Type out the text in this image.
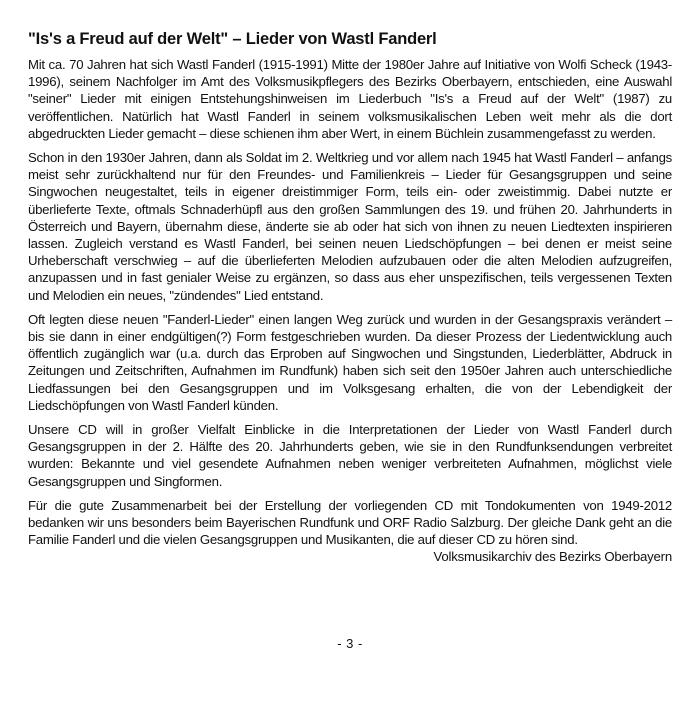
"Is's a Freud auf der Welt" – Lieder von Wastl Fanderl

Mit ca. 70 Jahren hat sich Wastl Fanderl (1915-1991) Mitte der 1980er Jahre auf Initiative von Wolfi Scheck (1943-1996), seinem Nachfolger im Amt des Volksmusikpflegers des Bezirks Oberbayern, entschieden, eine Auswahl "seiner" Lieder mit einigen Entstehungshinweisen im Liederbuch "Is's a Freud auf der Welt" (1987) zu veröffentlichen. Natürlich hat Wastl Fanderl in seinem volksmusikalischen Leben weit mehr als die dort abgedruckten Lieder gemacht – diese schienen ihm aber Wert, in einem Büchlein zusammengefasst zu werden.

Schon in den 1930er Jahren, dann als Soldat im 2. Weltkrieg und vor allem nach 1945 hat Wastl Fanderl – anfangs meist sehr zurückhaltend nur für den Freundes- und Familienkreis – Lieder für Gesangsgruppen und seine Singwochen neugestaltet, teils in eigener dreistimmiger Form, teils ein- oder zweistimmig. Dabei nutzte er überlieferte Texte, oftmals Schnaderhüpfl aus den großen Sammlungen des 19. und frühen 20. Jahrhunderts in Österreich und Bayern, übernahm diese, änderte sie ab oder hat sich von ihnen zu neuen Liedtexten inspirieren lassen. Zugleich verstand es Wastl Fanderl, bei seinen neuen Liedschöpfungen – bei denen er meist seine Urheberschaft verschwieg – auf die überlieferten Melodien aufzubauen oder die alten Melodien aufzugreifen, anzupassen und in fast genialer Weise zu ergänzen, so dass aus eher unspezifischen, teils vergessenen Texten und Melodien ein neues, "zündendes" Lied entstand.

Oft legten diese neuen "Fanderl-Lieder" einen langen Weg zurück und wurden in der Gesangspraxis verändert – bis sie dann in einer endgültigen(?) Form festgeschrieben wurden. Da dieser Prozess der Liedentwicklung auch öffentlich zugänglich war (u.a. durch das Erproben auf Singwochen und Singstunden, Liederblätter, Abdruck in Zeitungen und Zeitschriften, Aufnahmen im Rundfunk) haben sich seit den 1950er Jahren auch unterschiedliche Liedfassungen bei den Gesangsgruppen und im Volksgesang erhalten, die von der Lebendigkeit der Liedschöpfungen von Wastl Fanderl künden.

Unsere CD will in großer Vielfalt Einblicke in die Interpretationen der Lieder von Wastl Fanderl durch Gesangsgruppen in der 2. Hälfte des 20. Jahrhunderts geben, wie sie in den Rundfunksendungen verbreitet wurden: Bekannte und viel gesendete Aufnahmen neben weniger verbreiteten Aufnahmen, möglichst viele Gesangsgruppen und Singformen.

Für die gute Zusammenarbeit bei der Erstellung der vorliegenden CD mit Tondokumenten von 1949-2012 bedanken wir uns besonders beim Bayerischen Rundfunk und ORF Radio Salzburg. Der gleiche Dank geht an die Familie Fanderl und die vielen Gesangsgruppen und Musikanten, die auf dieser CD zu hören sind.

Volksmusikarchiv des Bezirks Oberbayern

- 3 -
